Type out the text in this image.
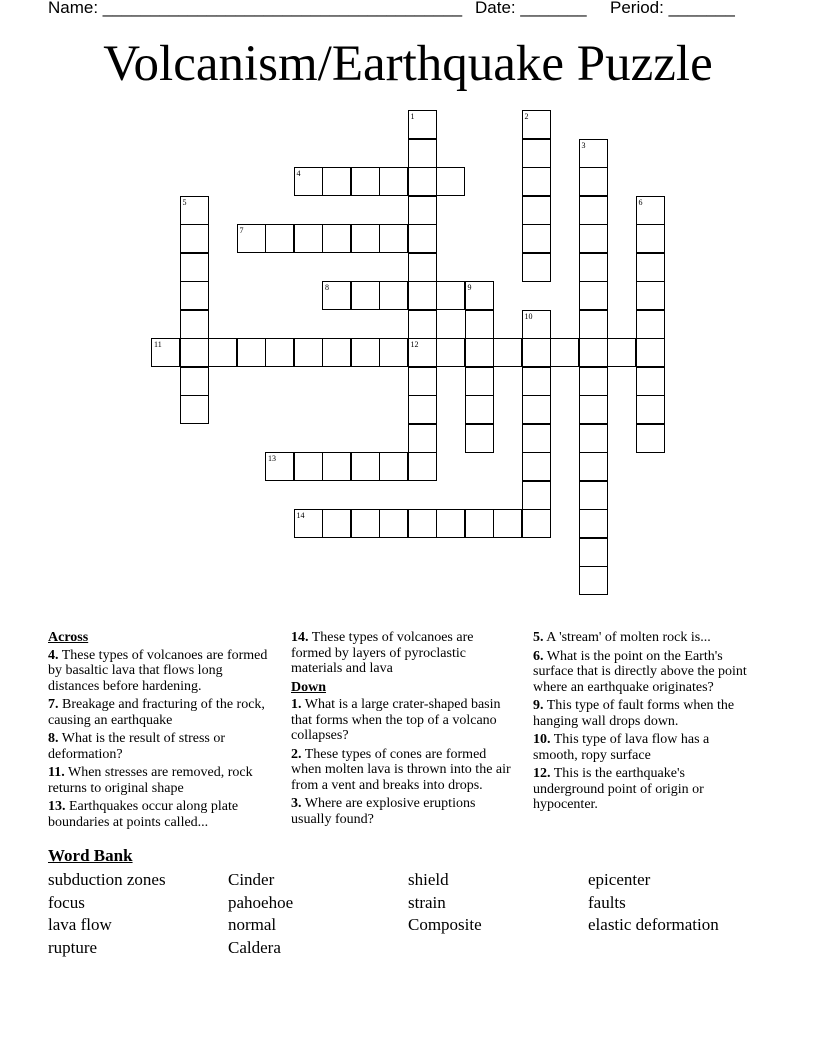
Name: ______________________________________ Date: _______ Period: _______
Volcanism/Earthquake Puzzle
1
12
2
3
4
5	6
7
8	9
10
11
13
14
Across
4. These types of volcanoes are formed by basaltic lava that flows long distances before hardening.
7. Breakage and fracturing of the rock, causing an earthquake
8. What is the result of stress or deformation?
11. When stresses are removed, rock returns to original shape
13. Earthquakes occur along plate boundaries at points called...
14. These types of volcanoes are formed by layers of pyroclastic materials and lava
Down
1. What is a large crater-shaped basin that forms when the top of a volcano collapses?
2. These types of cones are formed when molten lava is thrown into the air from a vent and breaks into drops.
3. Where are explosive eruptions usually found?
5. A 'stream' of molten rock is...
6. What is the point on the Earth's surface that is directly above the point where an earthquake originates?
9. This type of fault forms when the hanging wall drops down.
10. This type of lava flow has a smooth, ropy surface
12. This is the earthquake's underground point of origin or hypocenter.
Word Bank
subduction zones	Cinder	shield	epicenter
focus	pahoehoe	strain	faults
lava flow	normal	Composite	elastic deformation
rupture	Caldera
